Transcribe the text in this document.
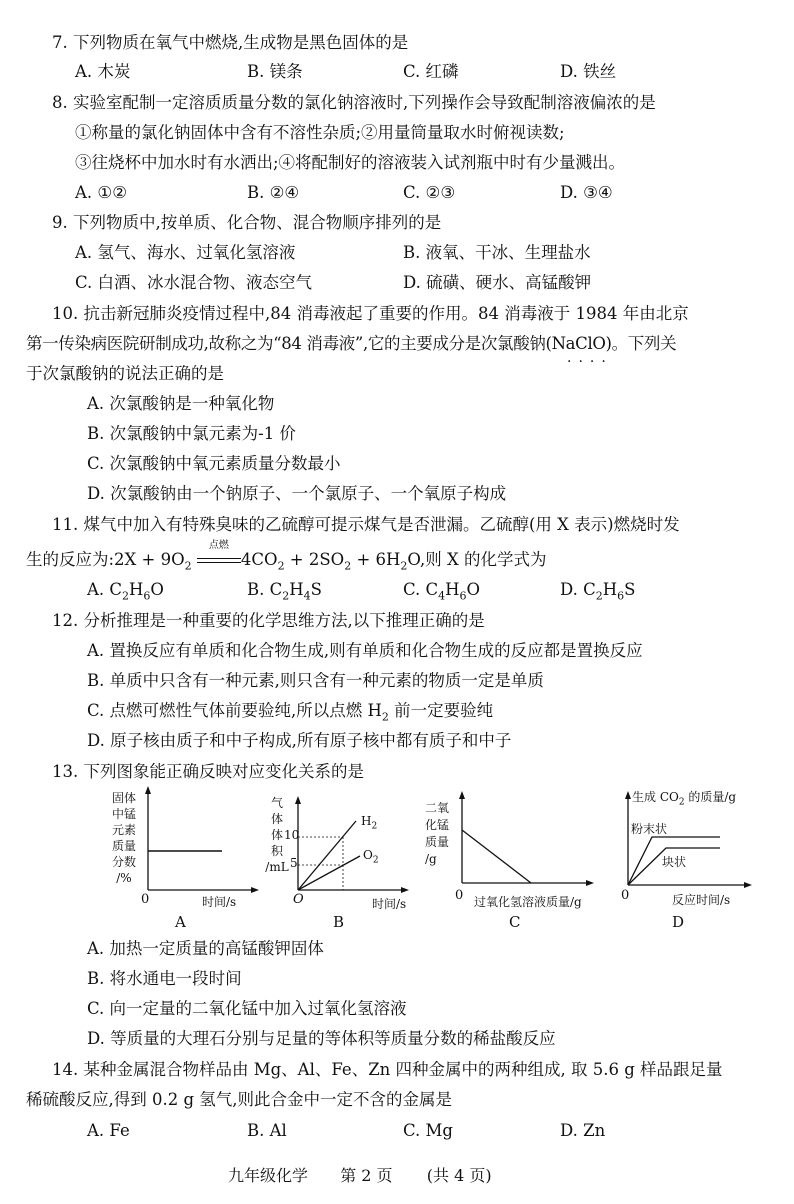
7. 下列物质在氧气中燃烧,生成物是黑色固体的是
A. 木炭	B. 镁条	C. 红磷	D. 铁丝
8. 实验室配制一定溶质质量分数的氯化钠溶液时,下列操作会导致配制溶液偏浓的是
①称量的氯化钠固体中含有不溶性杂质;②用量筒量取水时俯视读数;
③往烧杯中加水时有水洒出;④将配制好的溶液装入试剂瓶中时有少量溅出。
A. ①②	B. ②④	C. ②③	D. ③④
9. 下列物质中,按单质、化合物、混合物顺序排列的是
A. 氢气、海水、过氧化氢溶液	B. 液氧、干冰、生理盐水
C. 白酒、冰水混合物、液态空气	D. 硫磺、硬水、高锰酸钾
10. 抗击新冠肺炎疫情过程中,84 消毒液起了重要的作用。84 消毒液于 1984 年由北京
第一传染病医院研制成功,故称之为“84 消毒液”,它的主要成分是次氯酸钠(NaClO)。下列关
····
于次氯酸钠的说法正确的是
A. 次氯酸钠是一种氧化物
B. 次氯酸钠中氯元素为-1 价
C. 次氯酸钠中氧元素质量分数最小
D. 次氯酸钠由一个钠原子、一个氯原子、一个氧原子构成
11. 煤气中加入有特殊臭味的乙硫醇可提示煤气是否泄漏。乙硫醇(用 X 表示)燃烧时发
生的反应为:2X + $9O_2$
点燃
$4CO_2 + 2SO_2 + 6H_2O$,则 X 的化学式为
A. $C_2H_6O$	B. $C_2H_4S$	C. $C_4H_6O$	D. $C_2H_6S$
12. 分析推理是一种重要的化学思维方法,以下推理正确的是
A. 置换反应有单质和化合物生成,则有单质和化合物生成的反应都是置换反应
B. 单质中只含有一种元素,则只含有一种元素的物质一定是单质
C. 点燃可燃性气体前要验纯,所以点燃 $H_2$ 前一定要验纯
D. 原子核由质子和中子构成,所有原子核中都有质子和中子
13. 下列图象能正确反映对应变化关系的是
固体
中锰
元素
质量
分数
/%
0	时间/s
A
气
体
体
积
/mL
10
5
$H_2$
$O_2$
O	时间/s
B
二氧
化锰
质量
/g
0 过氧化氢溶液质量/g
C
生成 $CO_2$ 的质量/g
粉末状
块状
0	反应时间/s
D
A. 加热一定质量的高锰酸钾固体
B. 将水通电一段时间
C. 向一定量的二氧化锰中加入过氧化氢溶液
D. 等质量的大理石分别与足量的等体积等质量分数的稀盐酸反应
14. 某种金属混合物样品由 Mg、Al、Fe、Zn 四种金属中的两种组成, 取 5.6 g 样品跟足量
稀硫酸反应,得到 0.2 g 氢气,则此合金中一定不含的金属是
A. Fe	B. Al	C. Mg	D. Zn
九年级化学 第 2 页 (共 4 页)
